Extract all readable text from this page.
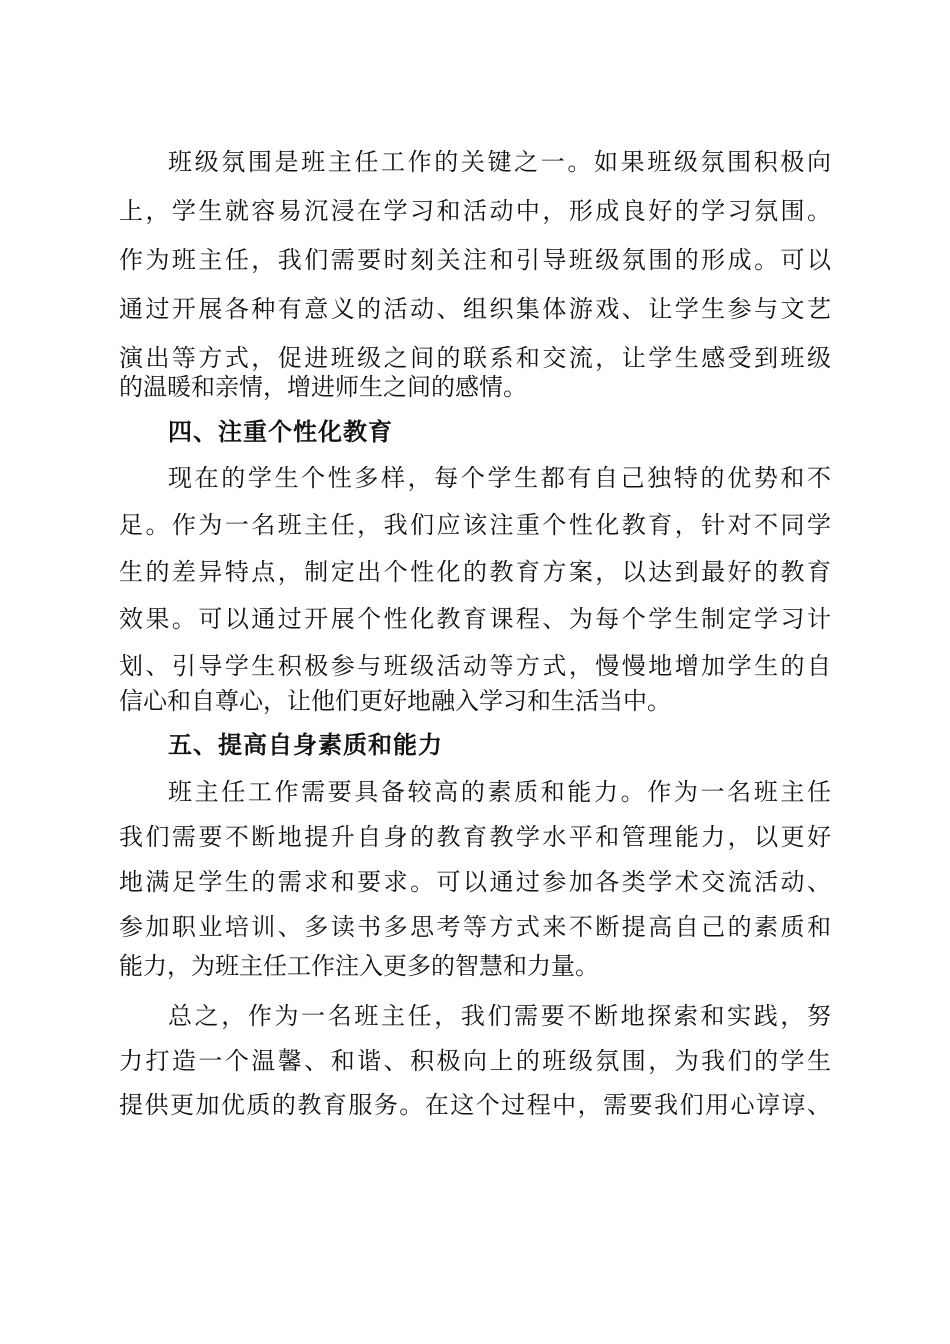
班级氛围是班主任工作的关键之一。如果班级氛围积极向
上，学生就容易沉浸在学习和活动中，形成良好的学习氛围。
作为班主任，我们需要时刻关注和引导班级氛围的形成。可以
通过开展各种有意义的活动、组织集体游戏、让学生参与文艺
演出等方式，促进班级之间的联系和交流，让学生感受到班级
的温暖和亲情，增进师生之间的感情。
四、注重个性化教育
现在的学生个性多样，每个学生都有自己独特的优势和不
足。作为一名班主任，我们应该注重个性化教育，针对不同学
生的差异特点，制定出个性化的教育方案，以达到最好的教育
效果。可以通过开展个性化教育课程、为每个学生制定学习计
划、引导学生积极参与班级活动等方式，慢慢地增加学生的自
信心和自尊心，让他们更好地融入学习和生活当中。
五、提高自身素质和能力
班主任工作需要具备较高的素质和能力。作为一名班主任
我们需要不断地提升自身的教育教学水平和管理能力，以更好
地满足学生的需求和要求。可以通过参加各类学术交流活动、
参加职业培训、多读书多思考等方式来不断提高自己的素质和
能力，为班主任工作注入更多的智慧和力量。
总之，作为一名班主任，我们需要不断地探索和实践，努
力打造一个温馨、和谐、积极向上的班级氛围，为我们的学生
提供更加优质的教育服务。在这个过程中，需要我们用心谆谆、
